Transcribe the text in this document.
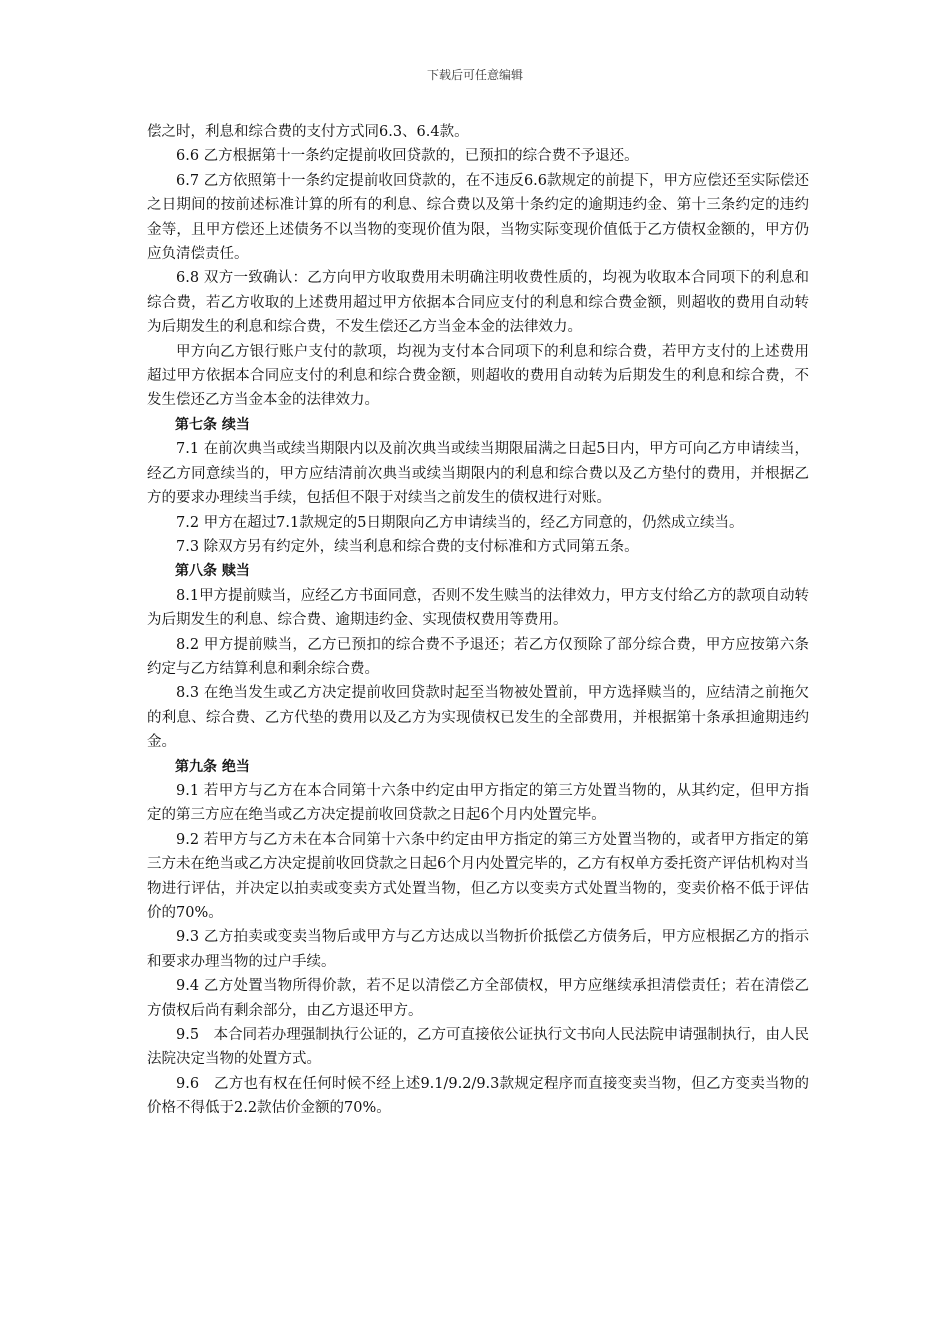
下载后可任意编辑

偿之时，利息和综合费的支付方式同6.3、6.4款。

6.6 乙方根据第十一条约定提前收回贷款的，已预扣的综合费不予退还。

6.7 乙方依照第十一条约定提前收回贷款的，在不违反6.6款规定的前提下，甲方应偿还至实际偿还之日期间的按前述标准计算的所有的利息、综合费以及第十条约定的逾期违约金、第十三条约定的违约金等，且甲方偿还上述债务不以当物的变现价值为限，当物实际变现价值低于乙方债权金额的，甲方仍应负清偿责任。

6.8 双方一致确认：乙方向甲方收取费用未明确注明收费性质的，均视为收取本合同项下的利息和综合费，若乙方收取的上述费用超过甲方依据本合同应支付的利息和综合费金额，则超收的费用自动转为后期发生的利息和综合费，不发生偿还乙方当金本金的法律效力。

甲方向乙方银行账户支付的款项，均视为支付本合同项下的利息和综合费，若甲方支付的上述费用超过甲方依据本合同应支付的利息和综合费金额，则超收的费用自动转为后期发生的利息和综合费，不发生偿还乙方当金本金的法律效力。

第七条 续当

7.1 在前次典当或续当期限内以及前次典当或续当期限届满之日起5日内，甲方可向乙方申请续当，经乙方同意续当的，甲方应结清前次典当或续当期限内的利息和综合费以及乙方垫付的费用，并根据乙方的要求办理续当手续，包括但不限于对续当之前发生的债权进行对账。

7.2 甲方在超过7.1款规定的5日期限向乙方申请续当的，经乙方同意的，仍然成立续当。

7.3 除双方另有约定外，续当利息和综合费的支付标准和方式同第五条。

第八条 赎当

8.1甲方提前赎当，应经乙方书面同意，否则不发生赎当的法律效力，甲方支付给乙方的款项自动转为后期发生的利息、综合费、逾期违约金、实现债权费用等费用。

8.2 甲方提前赎当，乙方已预扣的综合费不予退还；若乙方仅预除了部分综合费，甲方应按第六条约定与乙方结算利息和剩余综合费。

8.3 在绝当发生或乙方决定提前收回贷款时起至当物被处置前，甲方选择赎当的，应结清之前拖欠的利息、综合费、乙方代垫的费用以及乙方为实现债权已发生的全部费用，并根据第十条承担逾期违约金。

第九条 绝当

9.1 若甲方与乙方在本合同第十六条中约定由甲方指定的第三方处置当物的，从其约定，但甲方指定的第三方应在绝当或乙方决定提前收回贷款之日起6个月内处置完毕。

9.2 若甲方与乙方未在本合同第十六条中约定由甲方指定的第三方处置当物的，或者甲方指定的第三方未在绝当或乙方决定提前收回贷款之日起6个月内处置完毕的，乙方有权单方委托资产评估机构对当物进行评估，并决定以拍卖或变卖方式处置当物，但乙方以变卖方式处置当物的，变卖价格不低于评估价的70%。

9.3 乙方拍卖或变卖当物后或甲方与乙方达成以当物折价抵偿乙方债务后，甲方应根据乙方的指示和要求办理当物的过户手续。

9.4 乙方处置当物所得价款，若不足以清偿乙方全部债权，甲方应继续承担清偿责任；若在清偿乙方债权后尚有剩余部分，由乙方退还甲方。

9.5　本合同若办理强制执行公证的，乙方可直接依公证执行文书向人民法院申请强制执行，由人民法院决定当物的处置方式。

9.6　乙方也有权在任何时候不经上述9.1/9.2/9.3款规定程序而直接变卖当物，但乙方变卖当物的价格不得低于2.2款估价金额的70%。
